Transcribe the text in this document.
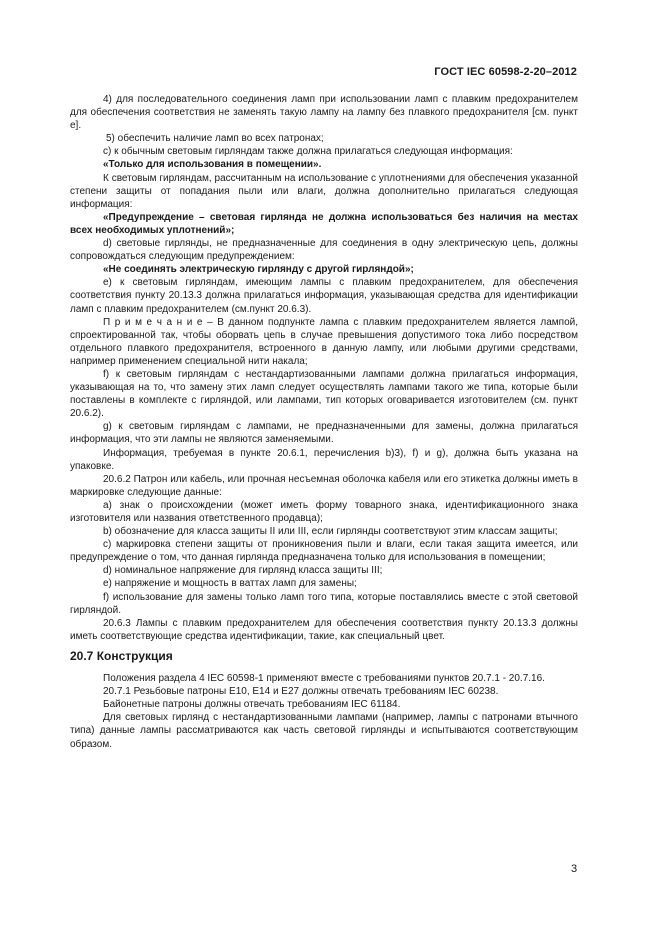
ГОСТ IEC 60598-2-20–2012

4) для последовательного соединения ламп при использовании ламп с плавким предохранителем для обеспечения соответствия не заменять такую лампу на лампу без плавкого предохранителя [см. пункт е].

5) обеспечить наличие ламп во всех патронах;

с) к обычным световым гирляндам также должна прилагаться следующая информация:

«Только для использования в помещении».

К световым гирляндам, рассчитанным на использование с уплотнениями для обеспечения указанной степени защиты от попадания пыли или влаги, должна дополнительно прилагаться следующая информация:

«Предупреждение – световая гирлянда не должна использоваться без наличия на местах всех необходимых уплотнений»;

d) световые гирлянды, не предназначенные для соединения в одну электрическую цепь, должны сопровождаться следующим предупреждением:

«Не соединять электрическую гирлянду с другой гирляндой»;

е) к световым гирляндам, имеющим лампы с плавким предохранителем, для обеспечения соответствия пункту 20.13.3 должна прилагаться информация, указывающая средства для идентификации ламп с плавким предохранителем (см.пункт 20.6.3).

П р и м е ч а н и е – В данном подпункте лампа с плавким предохранителем является лампой, спроектированной так, чтобы оборвать цепь в случае превышения допустимого тока либо посредством отдельного плавкого предохранителя, встроенного в данную лампу, или любыми другими средствами, например применением специальной нити накала;

f) к световым гирляндам с нестандартизованными лампами должна прилагаться информация, указывающая на то, что замену этих ламп следует осуществлять лампами такого же типа, которые были поставлены в комплекте с гирляндой, или лампами, тип которых оговаривается изготовителем (см. пункт 20.6.2).

g) к световым гирляндам с лампами, не предназначенными для замены, должна прилагаться информация, что эти лампы не являются заменяемыми.

Информация, требуемая в пункте 20.6.1, перечисления b)3), f) и g), должна быть указана на упаковке.

20.6.2 Патрон или кабель, или прочная несъемная оболочка кабеля или его этикетка должны иметь в маркировке следующие данные:

а) знак о происхождении (может иметь форму товарного знака, идентификационного знака изготовителя или названия ответственного продавца);

b) обозначение для класса защиты II или III, если гирлянды соответствуют этим классам защиты;

с) маркировка степени защиты от проникновения пыли и влаги, если такая защита имеется, или предупреждение о том, что данная гирлянда предназначена только для использования в помещении;

d) номинальное напряжение для гирлянд класса защиты III;

е) напряжение и мощность в ваттах ламп для замены;

f) использование для замены только ламп того типа, которые поставлялись вместе с этой световой гирляндой.

20.6.3 Лампы с плавким предохранителем для обеспечения соответствия пункту 20.13.3 должны иметь соответствующие средства идентификации, такие, как специальный цвет.

20.7 Конструкция

Положения раздела 4 IEC 60598-1 применяют вместе с требованиями пунктов 20.7.1 - 20.7.16.

20.7.1 Резьбовые патроны Е10, Е14 и Е27 должны отвечать требованиям IEC 60238.

Байонетные патроны должны отвечать требованиям IEC 61184.

Для световых гирлянд с нестандартизованными лампами (например, лампы с патронами втычного типа) данные лампы рассматриваются как часть световой гирлянды и испытываются соответствующим образом.

3
